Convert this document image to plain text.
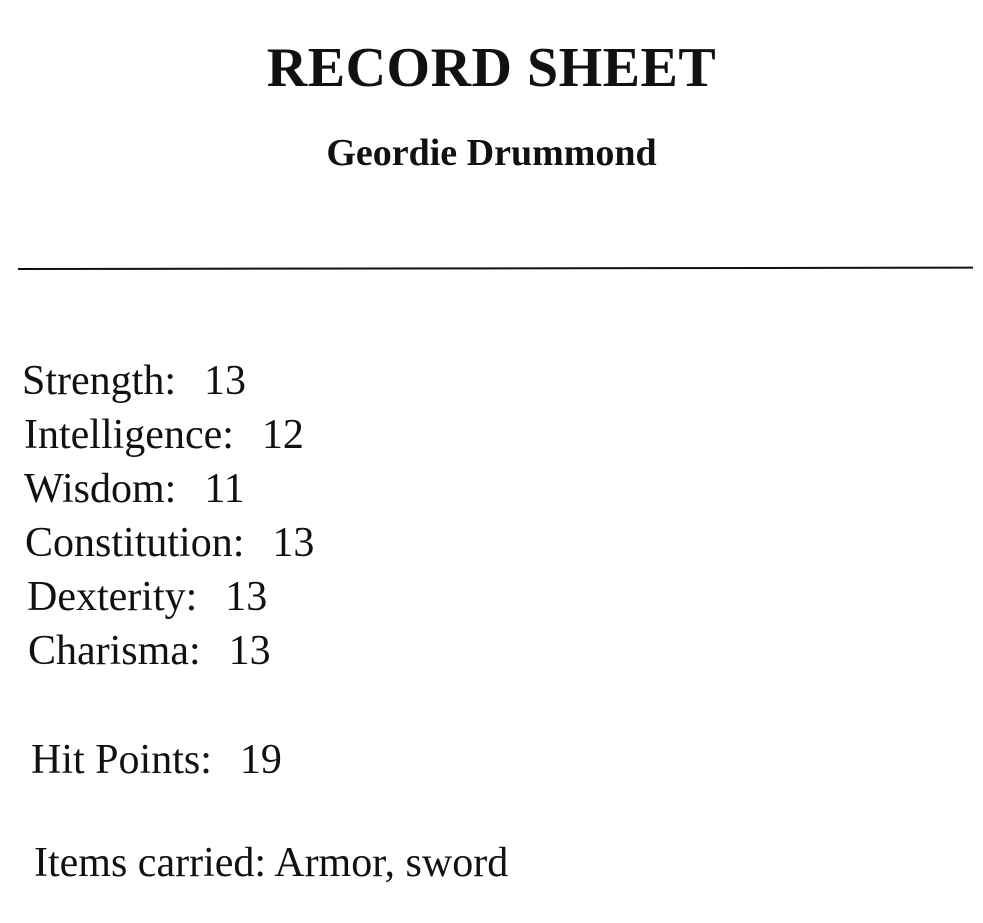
RECORD SHEET
Geordie Drummond
Strength: 13
Intelligence: 12
Wisdom: 11
Constitution: 13
Dexterity: 13
Charisma: 13
Hit Points: 19
Items carried: Armor, sword
